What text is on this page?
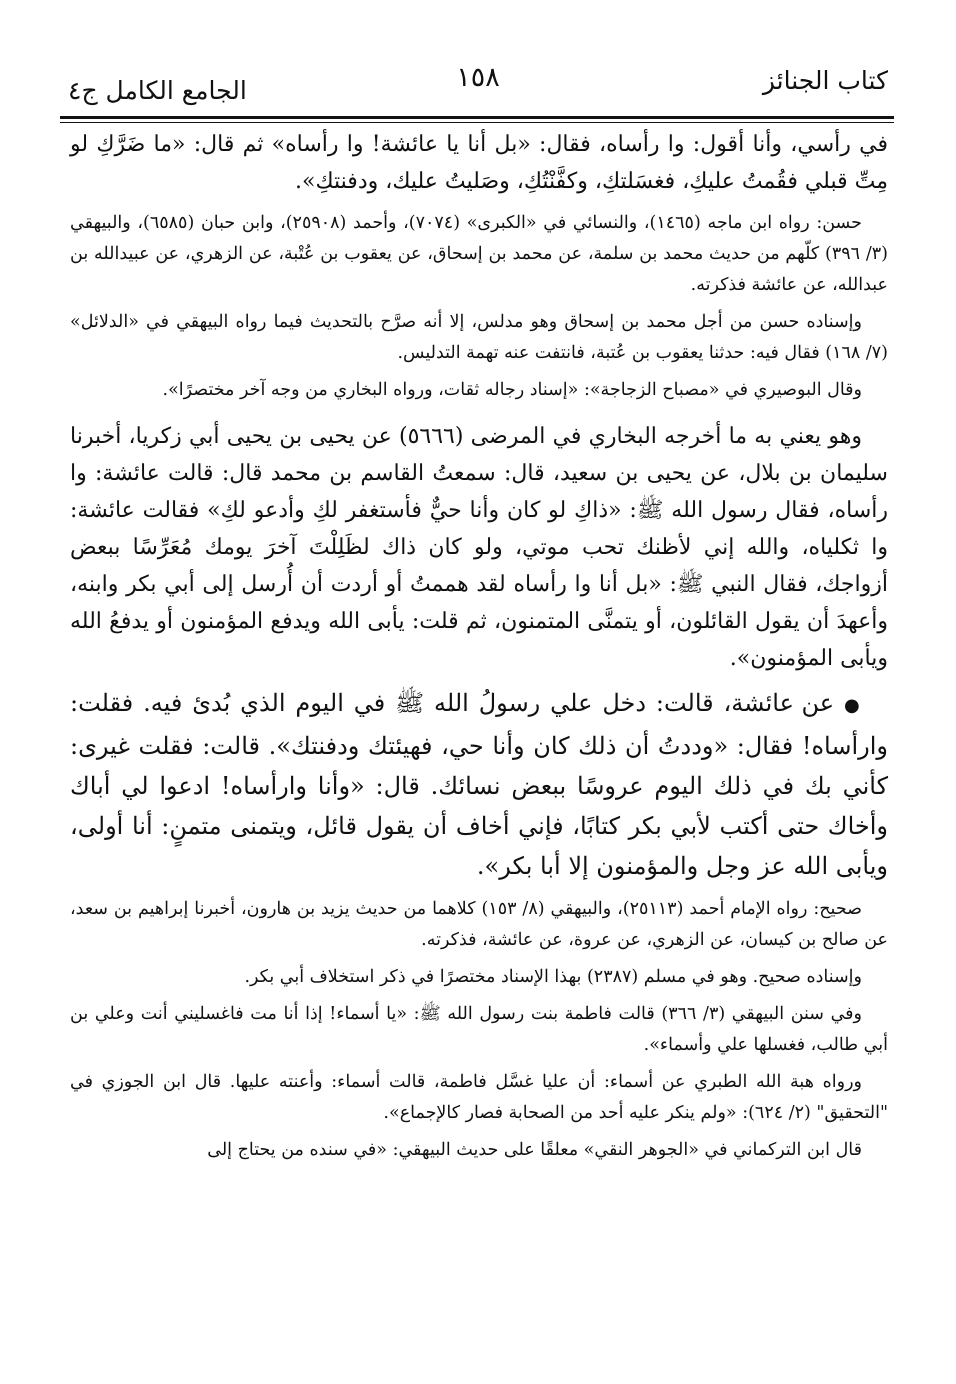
كتاب الجنائز
١٥٨
الجامع الكامل ج٤

في رأسي، وأنا أقول: وا رأساه، فقال: «بل أنا يا عائشة! وا رأساه» ثم قال: «ما ضَرَّكِ لو مِتِّ قبلي فقُمتُ عليكِ، فغسَلتكِ، وكفَّنْتُكِ، وصَليتُ عليك، ودفنتكِ».

حسن: رواه ابن ماجه (١٤٦٥)، والنسائي في «الكبرى» (٧٠٧٤)، وأحمد (٢٥٩٠٨)، وابن حبان (٦٥٨٥)، والبيهقي (٣/ ٣٩٦) كلّهم من حديث محمد بن سلمة، عن محمد بن إسحاق، عن يعقوب بن عُتْبة، عن الزهري، عن عبيدالله بن عبدالله، عن عائشة فذكرته.

وإسناده حسن من أجل محمد بن إسحاق وهو مدلس، إلا أنه صرَّح بالتحديث فيما رواه البيهقي في «الدلائل» (٧/ ١٦٨) فقال فيه: حدثنا يعقوب بن عُتبة، فانتفت عنه تهمة التدليس.

وقال البوصيري في «مصباح الزجاجة»: «إسناد رجاله ثقات، ورواه البخاري من وجه آخر مختصرًا».

وهو يعني به ما أخرجه البخاري في المرضى (٥٦٦٦) عن يحيى بن يحيى أبي زكريا، أخبرنا سليمان بن بلال، عن يحيى بن سعيد، قال: سمعتُ القاسم بن محمد قال: قالت عائشة: وا رأساه، فقال رسول الله ﷺ: «ذاكِ لو كان وأنا حيٌّ فأستغفر لكِ وأدعو لكِ» فقالت عائشة: وا ثكلياه، والله إني لأظنك تحب موتي، ولو كان ذاك لظَلِلْتَ آخرَ يومك مُعَرِّسًا ببعض أزواجك، فقال النبي ﷺ: «بل أنا وا رأساه لقد هممتُ أو أردت أن أُرسل إلى أبي بكر وابنه، وأعهدَ أن يقول القائلون، أو يتمنَّى المتمنون، ثم قلت: يأبى الله ويدفع المؤمنون أو يدفعُ الله ويأبى المؤمنون».

● عن عائشة، قالت: دخل علي رسولُ الله ﷺ في اليوم الذي بُدئ فيه. فقلت: وارأساه! فقال: «وددتُ أن ذلك كان وأنا حي، فهيئتك ودفنتك». قالت: فقلت غيرى: كأني بك في ذلك اليوم عروسًا ببعض نسائك. قال: «وأنا وارأساه! ادعوا لي أباك وأخاك حتى أكتب لأبي بكر كتابًا، فإني أخاف أن يقول قائل، ويتمنى متمنٍ: أنا أولى، ويأبى الله عز وجل والمؤمنون إلا أبا بكر».

صحيح: رواه الإمام أحمد (٢٥١١٣)، والبيهقي (٨/ ١٥٣) كلاهما من حديث يزيد بن هارون، أخبرنا إبراهيم بن سعد، عن صالح بن كيسان، عن الزهري، عن عروة، عن عائشة، فذكرته.

وإسناده صحيح. وهو في مسلم (٢٣٨٧) بهذا الإسناد مختصرًا في ذكر استخلاف أبي بكر.

وفي سنن البيهقي (٣/ ٣٦٦) قالت فاطمة بنت رسول الله ﷺ: «يا أسماء! إذا أنا مت فاغسليني أنت وعلي بن أبي طالب، فغسلها علي وأسماء».

ورواه هبة الله الطبري عن أسماء: أن عليا غسَّل فاطمة، قالت أسماء: وأعنته عليها. قال ابن الجوزي في "التحقيق" (٢/ ٦٢٤): «ولم ينكر عليه أحد من الصحابة فصار كالإجماع».

قال ابن التركماني في «الجوهر النقي» معلقًا على حديث البيهقي: «في سنده من يحتاج إلى
